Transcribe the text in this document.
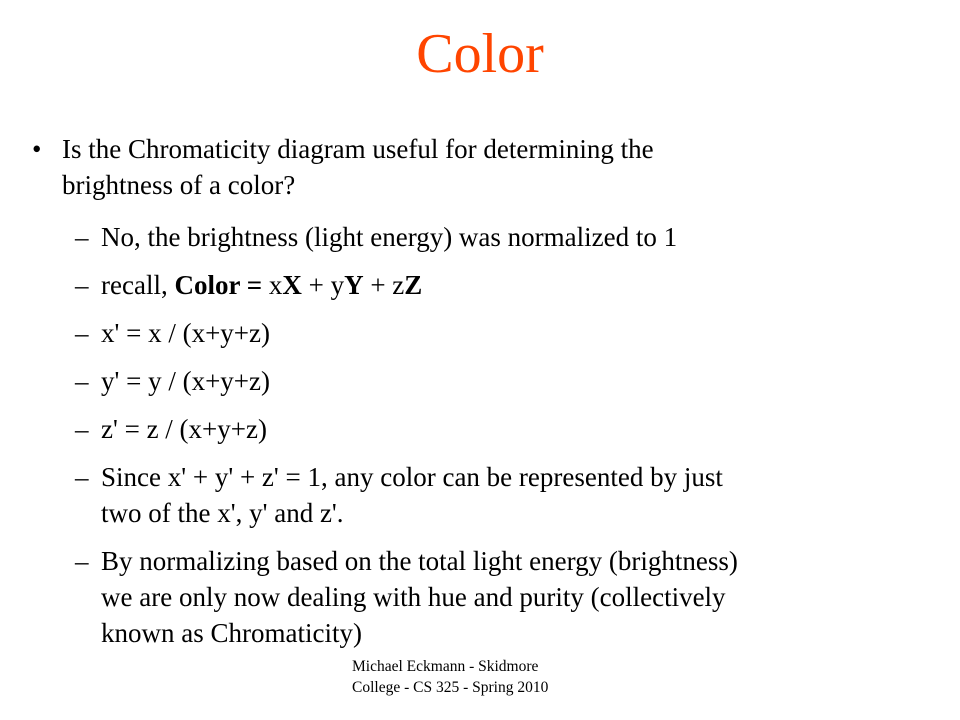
Color
• Is the Chromaticity diagram useful for determining the
brightness of a color?
– No, the brightness (light energy) was normalized to 1
– recall, Color = xX + yY + zZ
– x' = x / (x+y+z)
– y' = y / (x+y+z)
– z' = z / (x+y+z)
– Since x' + y' + z' = 1, any color can be represented by just
two of the x', y' and z'.
– By normalizing based on the total light energy (brightness)
we are only now dealing with hue and purity (collectively
known as Chromaticity)
Michael Eckmann - Skidmore
College - CS 325 - Spring 2010
